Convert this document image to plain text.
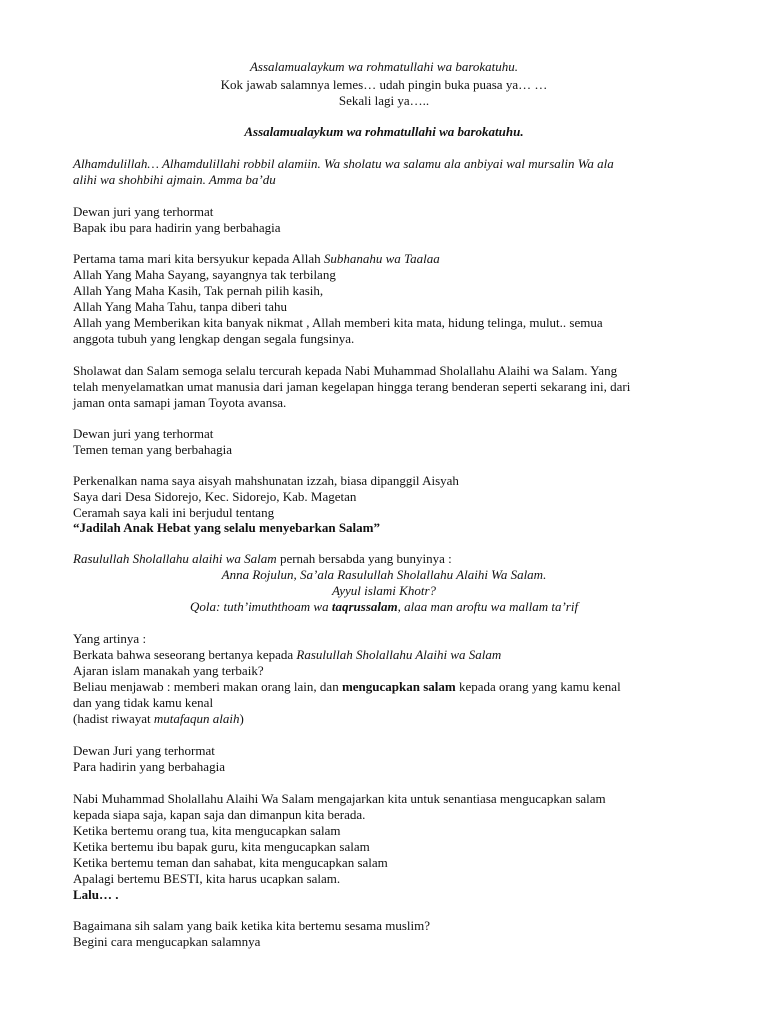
Assalamualaykum wa rohmatullahi wa barokatuhu.
Kok jawab salamnya lemes… udah pingin buka puasa ya… …
Sekali lagi ya…..
Assalamualaykum wa rohmatullahi wa barokatuhu.
Alhamdulillah… Alhamdulillahi robbil alamiin. Wa sholatu wa salamu ala anbiyai wal mursalin Wa ala
alihi wa shohbihi ajmain. Amma ba’du
Dewan juri yang terhormat
Bapak ibu para hadirin yang berbahagia
Pertama tama mari kita bersyukur kepada Allah Subhanahu wa Taalaa
Allah Yang Maha Sayang, sayangnya tak terbilang
Allah Yang Maha Kasih, Tak pernah pilih kasih,
Allah Yang Maha Tahu, tanpa diberi tahu
Allah yang Memberikan kita banyak nikmat , Allah memberi kita mata, hidung telinga, mulut.. semua
anggota tubuh yang lengkap dengan segala fungsinya.
Sholawat dan Salam semoga selalu tercurah kepada Nabi Muhammad Sholallahu Alaihi wa Salam. Yang
telah menyelamatkan umat manusia dari jaman kegelapan hingga terang benderan seperti sekarang ini, dari
jaman onta samapi jaman Toyota avansa.
Dewan juri yang terhormat
Temen teman yang berbahagia
Perkenalkan nama saya aisyah mahshunatan izzah, biasa dipanggil Aisyah
Saya dari Desa Sidorejo, Kec. Sidorejo, Kab. Magetan
Ceramah saya kali ini berjudul tentang
“Jadilah Anak Hebat yang selalu menyebarkan Salam”
Rasulullah Sholallahu alaihi wa Salam pernah bersabda yang bunyinya :
Anna Rojulun, Sa’ala Rasulullah Sholallahu Alaihi Wa Salam.
Ayyul islami Khotr?
Qola: tuth’imuththoam wa taqrussalam, alaa man aroftu wa mallam ta’rif
Yang artinya :
Berkata bahwa seseorang bertanya kepada Rasulullah Sholallahu Alaihi wa Salam
Ajaran islam manakah yang terbaik?
Beliau menjawab : memberi makan orang lain, dan mengucapkan salam kepada orang yang kamu kenal
dan yang tidak kamu kenal
(hadist riwayat mutafaqun alaih)
Dewan Juri yang terhormat
Para hadirin yang berbahagia
Nabi Muhammad Sholallahu Alaihi Wa Salam mengajarkan kita untuk senantiasa mengucapkan salam
kepada siapa saja, kapan saja dan dimanpun kita berada.
Ketika bertemu orang tua, kita mengucapkan salam
Ketika bertemu ibu bapak guru, kita mengucapkan salam
Ketika bertemu teman dan sahabat, kita mengucapkan salam
Apalagi bertemu BESTI, kita harus ucapkan salam.
Lalu… .
Bagaimana sih salam yang baik ketika kita bertemu sesama muslim?
Begini cara mengucapkan salamnya
